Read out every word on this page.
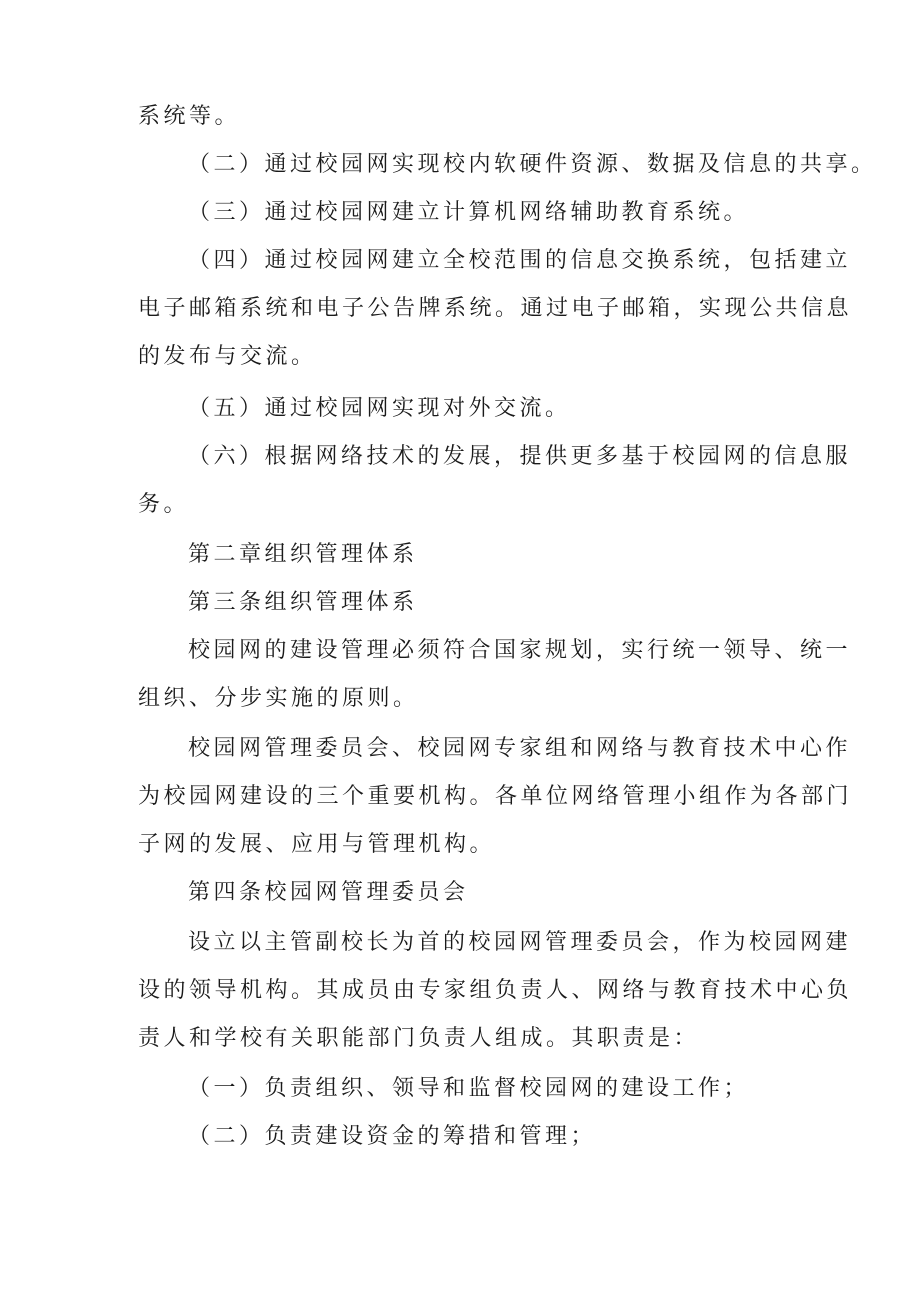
系统等。
（二）通过校园网实现校内软硬件资源、数据及信息的共享。
（三）通过校园网建立计算机网络辅助教育系统。
（四）通过校园网建立全校范围的信息交换系统，包括建立
电子邮箱系统和电子公告牌系统。通过电子邮箱，实现公共信息
的发布与交流。
（五）通过校园网实现对外交流。
（六）根据网络技术的发展，提供更多基于校园网的信息服
务。
第二章组织管理体系
第三条组织管理体系
校园网的建设管理必须符合国家规划，实行统一领导、统一
组织、分步实施的原则。
校园网管理委员会、校园网专家组和网络与教育技术中心作
为校园网建设的三个重要机构。各单位网络管理小组作为各部门
子网的发展、应用与管理机构。
第四条校园网管理委员会
设立以主管副校长为首的校园网管理委员会，作为校园网建
设的领导机构。其成员由专家组负责人、网络与教育技术中心负
责人和学校有关职能部门负责人组成。其职责是：
（一）负责组织、领导和监督校园网的建设工作；
（二）负责建设资金的筹措和管理；
